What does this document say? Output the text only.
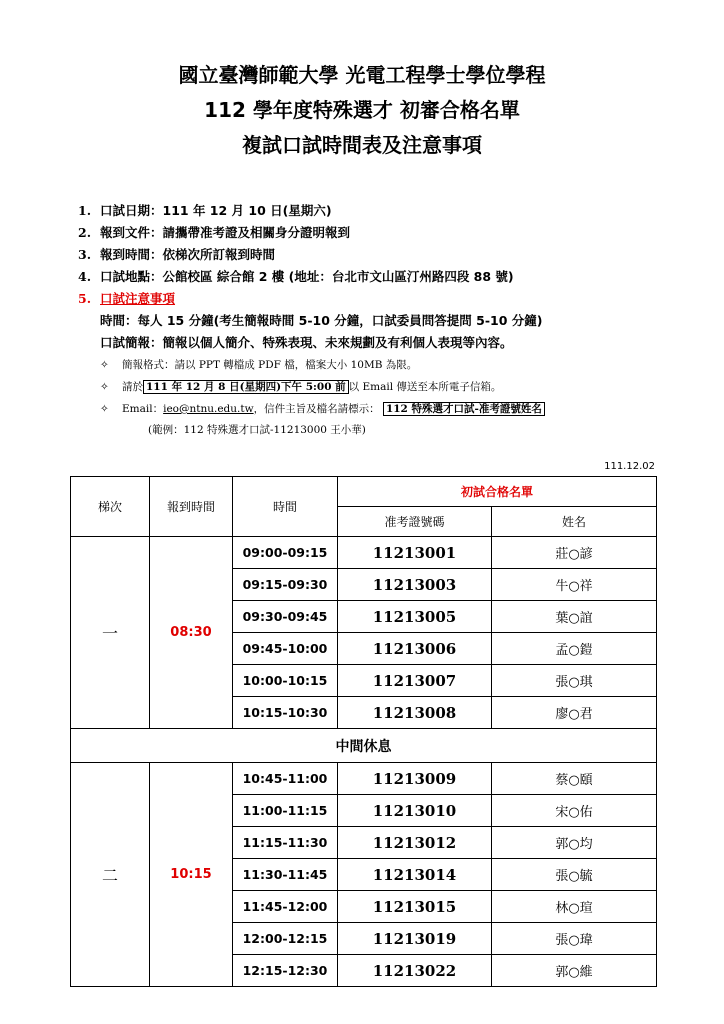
國立臺灣師範大學 光電工程學士學位學程
112 學年度特殊選才 初審合格名單
複試口試時間表及注意事項
1. 口試日期：111 年 12 月 10 日(星期六)
2. 報到文件：請攜帶准考證及相關身分證明報到
3. 報到時間：依梯次所訂報到時間
4. 口試地點：公館校區 綜合館 2 樓 (地址：台北市文山區汀州路四段 88 號)
5. 口試注意事項
時間：每人 15 分鐘(考生簡報時間 5-10 分鐘，口試委員問答提問 5-10 分鐘)
口試簡報：簡報以個人簡介、特殊表現、未來規劃及有利個人表現等內容。
✧ 簡報格式：請以 PPT 轉檔成 PDF 檔，檔案大小 10MB 為限。
✧ 請於 111 年 12 月 8 日(星期四)下午 5:00 前 以 Email 傳送至本所電子信箱。
✧ Email：ieo@ntnu.edu.tw，信件主旨及檔名請標示： 112 特殊選才口試-准考證號姓名
(範例：112 特殊選才口試-11213000 王小華)
111.12.02
梯次	報到時間	時間	初試合格名單	
			准考證號碼	姓名
一	08:30	09:00-09:15	11213001	莊○諺
		09:15-09:30	11213003	牛○祥
		09:30-09:45	11213005	葉○誼
		09:45-10:00	11213006	孟○鎧
		10:00-10:15	11213007	張○琪
		10:15-10:30	11213008	廖○君
中間休息				
二	10:15	10:45-11:00	11213009	蔡○頤
		11:00-11:15	11213010	宋○佑
		11:15-11:30	11213012	郭○均
		11:30-11:45	11213014	張○毓
		11:45-12:00	11213015	林○瑄
		12:00-12:15	11213019	張○瑋
		12:15-12:30	11213022	郭○維
